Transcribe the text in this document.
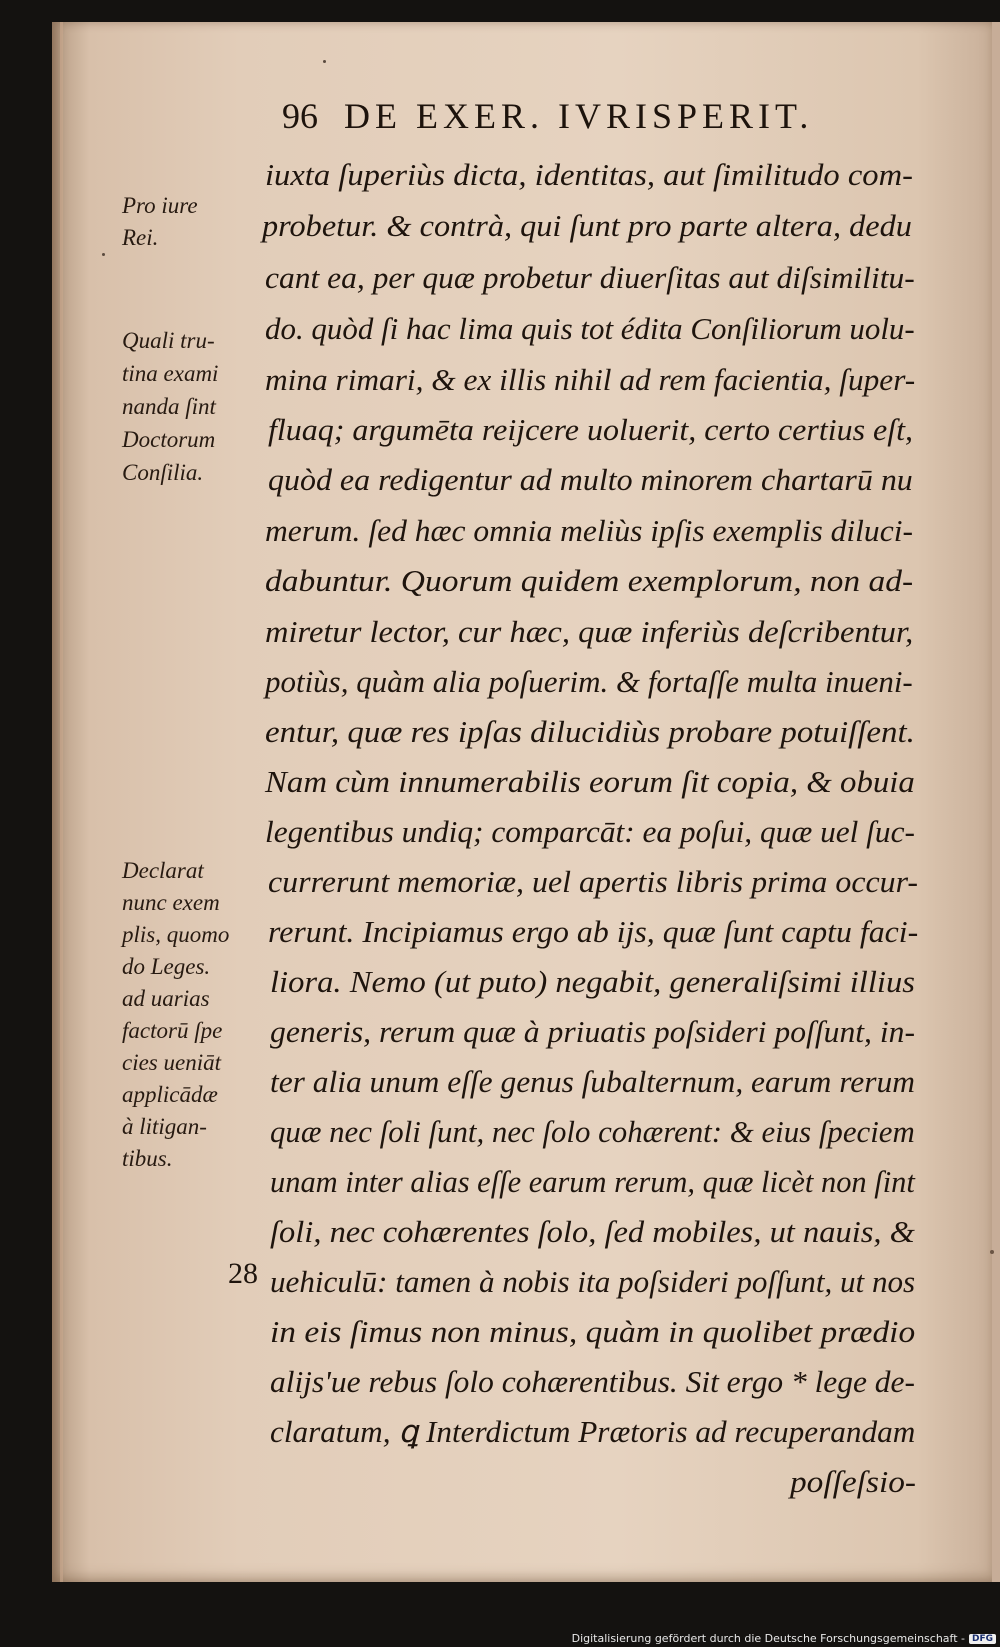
96 DE EXER. IVRISPERIT.
iuxta ſuperiùs dicta, identitas, aut ſimilitudo com-
probetur. & contrà, qui ſunt pro parte altera, dedu
cant ea, per quæ probetur diuerſitas aut diſsimilitu-
do. quòd ſi hac lima quis tot édita Conſiliorum uolu-
mina rimari, & ex illis nihil ad rem facientia, ſuper-
fluaq; argumēta reijcere uoluerit, certo certius eſt,
quòd ea redigentur ad multo minorem chartarū nu
merum. ſed hæc omnia meliùs ipſis exemplis diluci-
dabuntur. Quorum quidem exemplorum, non ad-
miretur lector, cur hæc, quæ inferiùs deſcribentur,
potiùs, quàm alia poſuerim. & fortaſſe multa inueni-
entur, quæ res ipſas dilucidiùs probare potuiſſent.
Nam cùm innumerabilis eorum ſit copia, & obuia
legentibus undiq; comparcāt: ea poſui, quæ uel ſuc-
currerunt memoriæ, uel apertis libris prima occur-
rerunt. Incipiamus ergo ab ijs, quæ ſunt captu faci-
liora. Nemo (ut puto) negabit, generaliſsimi illius
generis, rerum quæ à priuatis poſsideri poſſunt, in-
ter alia unum eſſe genus ſubalternum, earum rerum
quæ nec ſoli ſunt, nec ſolo cohærent: & eius ſpeciem
unam inter alias eſſe earum rerum, quæ licèt non ſint
ſoli, nec cohærentes ſolo, ſed mobiles, ut nauis, &
uehiculū: tamen à nobis ita poſsideri poſſunt, ut nos
in eis ſimus non minus, quàm in quolibet prædio
alijs'ue rebus ſolo cohærentibus. Sit ergo * lege de-
claratum, ꝗ Interdictum Prætoris ad recuperandam
poſſeſsio-
Pro iure
Rei.
Quali tru-
tina exami
nanda ſint
Doctorum
Conſilia.
Declarat
nunc exem
plis, quomo
do Leges.
ad uarias
factorū ſpe
cies ueniāt
applicādæ
à litigan-
tibus.
28
Digitalisierung gefördert durch die Deutsche Forschungsgemeinschaft - DFG
